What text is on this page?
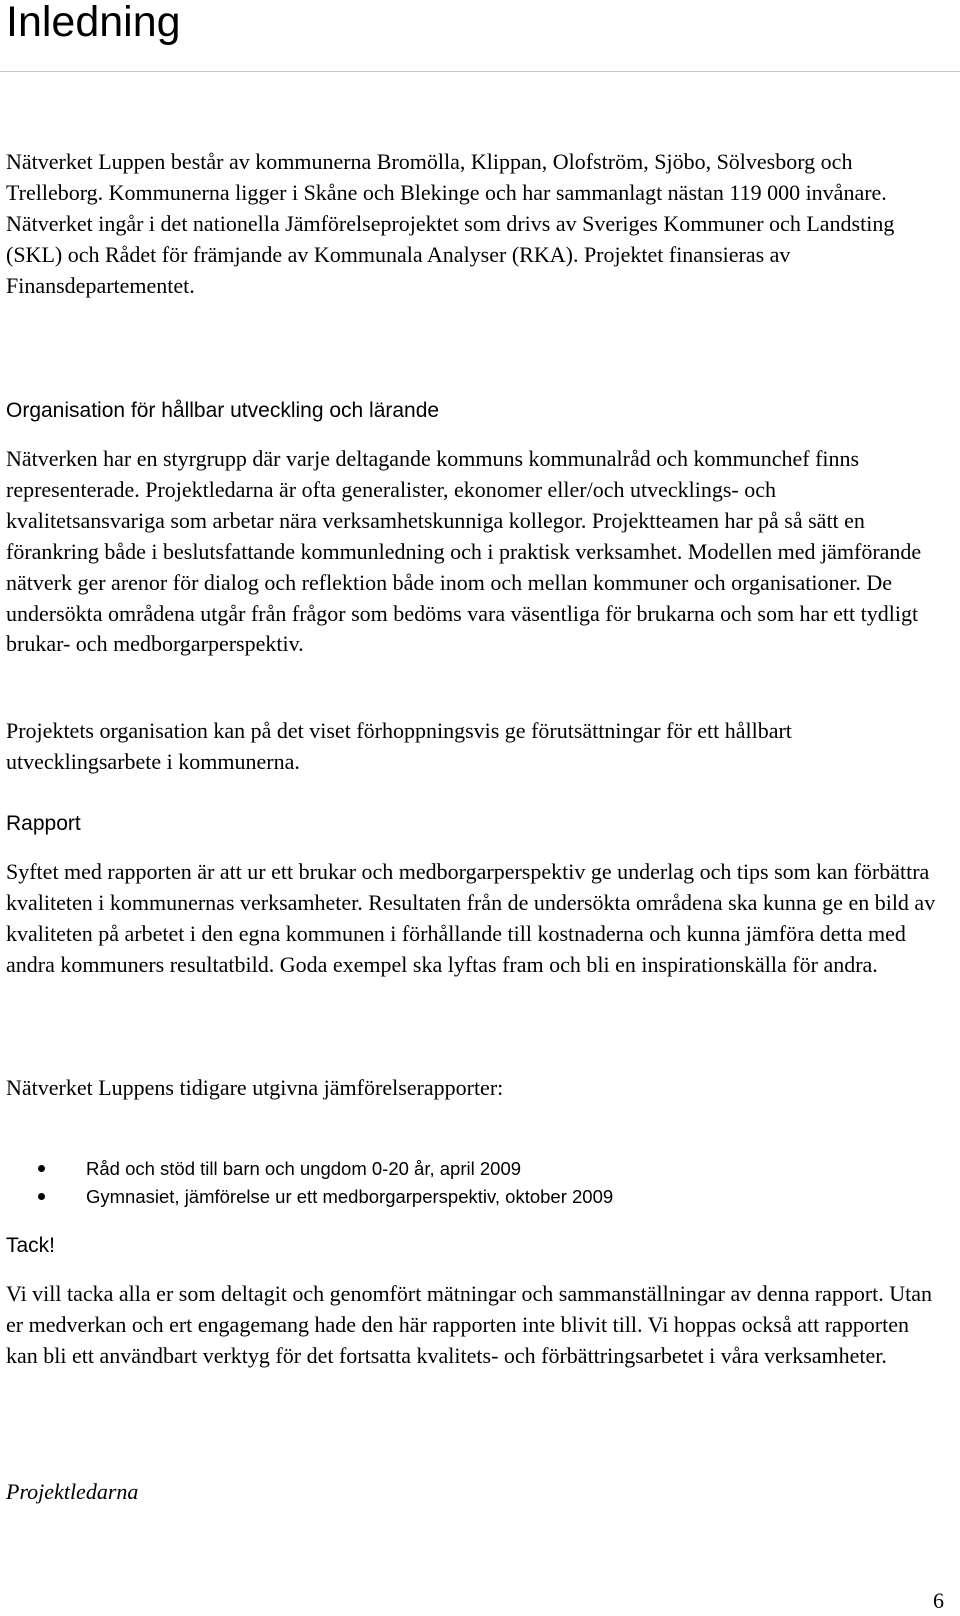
Inledning

Nätverket Luppen består av kommunerna Bromölla, Klippan, Olofström, Sjöbo, Sölvesborg och Trelleborg. Kommunerna ligger i Skåne och Blekinge och har sammanlagt nästan 119 000 invånare. Nätverket ingår i det nationella Jämförelseprojektet som drivs av Sveriges Kommuner och Landsting (SKL) och Rådet för främjande av Kommunala Analyser (RKA). Projektet finansieras av Finansdepartementet.

Organisation för hållbar utveckling och lärande

Nätverken har en styrgrupp där varje deltagande kommuns kommunalråd och kommunchef finns representerade. Projektledarna är ofta generalister, ekonomer eller/och utvecklings- och kvalitetsansvariga som arbetar nära verksamhetskunniga kollegor. Projektteamen har på så sätt en förankring både i beslutsfattande kommunledning och i praktisk verksamhet. Modellen med jämförande nätverk ger arenor för dialog och reflektion både inom och mellan kommuner och organisationer. De undersökta områdena utgår från frågor som bedöms vara väsentliga för brukarna och som har ett tydligt brukar- och medborgarperspektiv.

Projektets organisation kan på det viset förhoppningsvis ge förutsättningar för ett hållbart utvecklingsarbete i kommunerna.

Rapport

Syftet med rapporten är att ur ett brukar och medborgarperspektiv ge underlag och tips som kan förbättra kvaliteten i kommunernas verksamheter. Resultaten från de undersökta områdena ska kunna ge en bild av kvaliteten på arbetet i den egna kommunen i förhållande till kostnaderna och kunna jämföra detta med andra kommuners resultatbild. Goda exempel ska lyftas fram och bli en inspirationskälla för andra.

Nätverket Luppens tidigare utgivna jämförelserapporter:

Råd och stöd till barn och ungdom 0-20 år, april 2009
Gymnasiet, jämförelse ur ett medborgarperspektiv, oktober 2009
Tack!

Vi vill tacka alla er som deltagit och genomfört mätningar och sammanställningar av denna rapport. Utan er medverkan och ert engagemang hade den här rapporten inte blivit till. Vi hoppas också att rapporten kan bli ett användbart verktyg för det fortsatta kvalitets- och förbättringsarbetet i våra verksamheter.

Projektledarna

6
